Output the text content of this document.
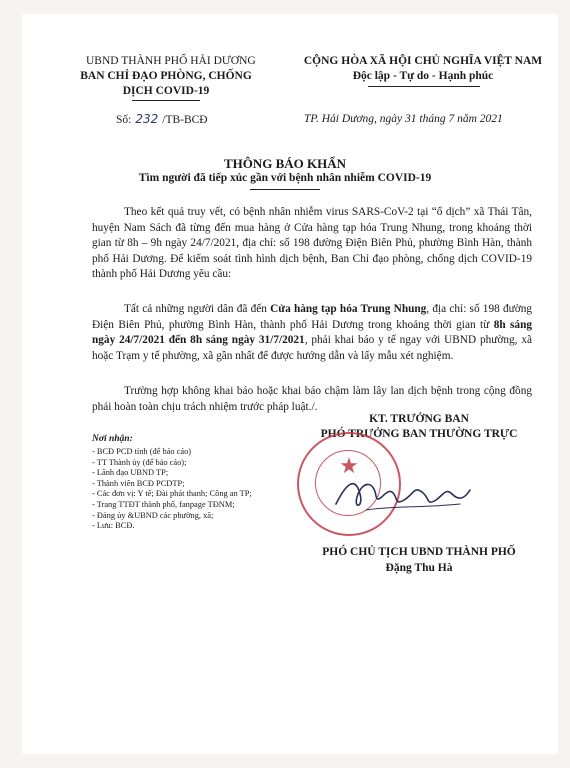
UBND THÀNH PHỐ HẢI DƯƠNG
BAN CHỈ ĐẠO PHÒNG, CHỐNG
DỊCH COVID-19
CỘNG HÒA XÃ HỘI CHỦ NGHĨA VIỆT NAM
Độc lập - Tự do - Hạnh phúc
Số: 232 /TB-BCĐ	TP. Hải Dương, ngày 31 tháng 7 năm 2021
THÔNG BÁO KHẨN
Tìm người đã tiếp xúc gần với bệnh nhân nhiễm COVID-19
Theo kết quả truy vết, có bệnh nhân nhiễm virus SARS-CoV-2 tại “ổ dịch” xã Thái Tân, huyện Nam Sách đã từng đến mua hàng ở Cửa hàng tạp hóa Trung Nhung, trong khoảng thời gian từ 8h – 9h ngày 24/7/2021, địa chỉ: số 198 đường Điện Biên Phủ, phường Bình Hàn, thành phố Hải Dương. Để kiểm soát tình hình dịch bệnh, Ban Chỉ đạo phòng, chống dịch COVID-19 thành phố Hải Dương yêu cầu:
Tất cả những người dân đã đến Cửa hàng tạp hóa Trung Nhung, địa chỉ: số 198 đường Điện Biên Phủ, phường Bình Hàn, thành phố Hải Dương trong khoảng thời gian từ 8h sáng ngày 24/7/2021 đến 8h sáng ngày 31/7/2021, phải khai báo y tế ngay với UBND phường, xã hoặc Trạm y tế phường, xã gần nhất để được hướng dẫn và lấy mẫu xét nghiệm.
Trường hợp không khai báo hoặc khai báo chậm làm lây lan dịch bệnh trong cộng đồng phải hoàn toàn chịu trách nhiệm trước pháp luật./.
Nơi nhận:
- BCĐ PCD tỉnh (để báo cáo)
- TT Thành ủy (để báo cáo);
- Lãnh đạo UBND TP;
- Thành viên BCĐ PCDTP;
- Các đơn vị: Y tế; Đài phát thanh; Công an TP;
- Trang TTĐT thành phố, fanpage TĐNM;
- Đảng ủy &UBND các phường, xã;
- Lưu: BCĐ.
KT. TRƯỞNG BAN
PHÓ TRƯỞNG BAN THƯỜNG TRỰC
★
PHÓ CHỦ TỊCH UBND THÀNH PHỐ
Đặng Thu Hà
